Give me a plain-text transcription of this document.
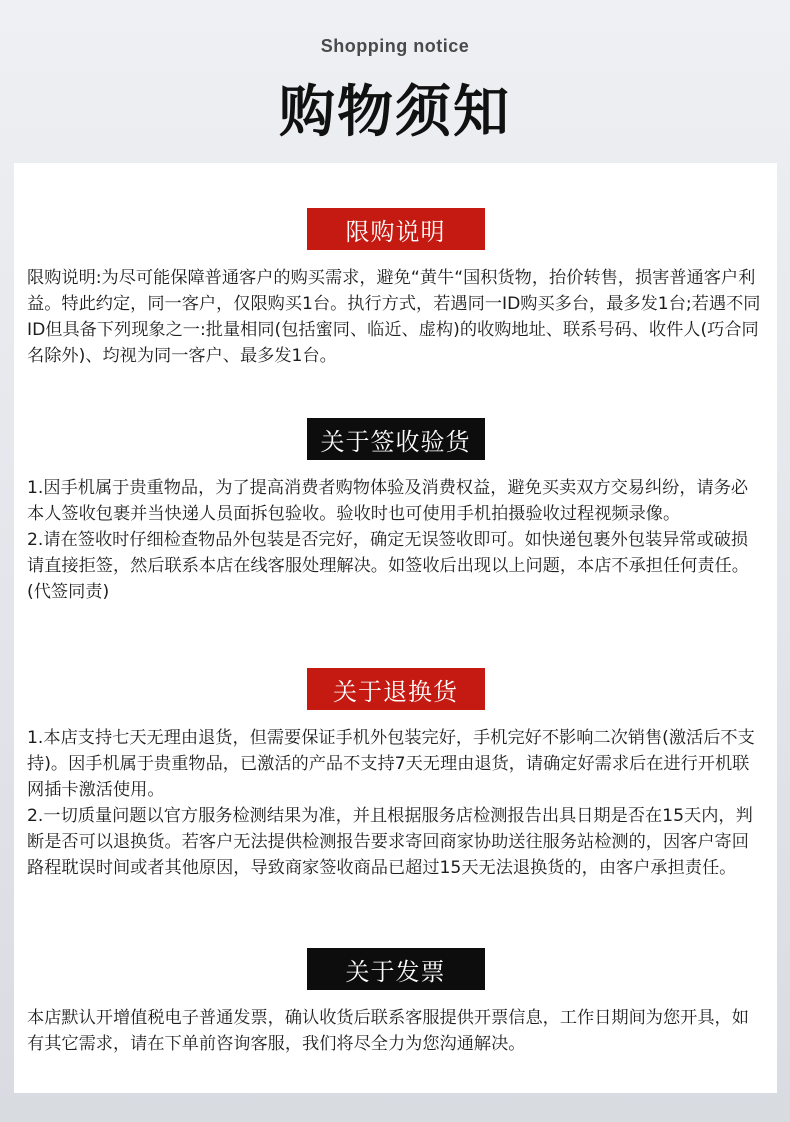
Shopping notice
购物须知
限购说明

限购说明:为尽可能保障普通客户的购买需求，避免“黄牛“国积货物，抬价转售，损害普通客户利益。特此约定，同一客户，仅限购买1台。执行方式，若遇同一ID购买多台，最多发1台;若遇不同ID但具备下列现象之一:批量相同(包括蜜同、临近、虚构)的收购地址、联系号码、收件人(巧合同名除外)、均视为同一客户、最多发1台。

关于签收验货

1.因手机属于贵重物品，为了提高消费者购物体验及消费权益，避免买卖双方交易纠纷，请务必本人签收包裹并当快递人员面拆包验收。验收时也可使用手机拍摄验收过程视频录像。

2.请在签收时仔细检查物品外包装是否完好，确定无误签收即可。如快递包裹外包装异常或破损请直接拒签，然后联系本店在线客服处理解决。如签收后出现以上问题，本店不承担任何责任。(代签同责)

关于退换货

1.本店支持七天无理由退货，但需要保证手机外包装完好，手机完好不影响二次销售(激活后不支持)。因手机属于贵重物品，已激活的产品不支持7天无理由退货，请确定好需求后在进行开机联网插卡激活使用。

2.一切质量问题以官方服务检测结果为准，并且根据服务店检测报告出具日期是否在15天内，判断是否可以退换货。若客户无法提供检测报告要求寄回商家协助送往服务站检测的，因客户寄回路程耽误时间或者其他原因，导致商家签收商品已超过15天无法退换货的，由客户承担责任。

关于发票

本店默认开增值税电子普通发票，确认收货后联系客服提供开票信息，工作日期间为您开具，如有其它需求，请在下单前咨询客服，我们将尽全力为您沟通解决。
